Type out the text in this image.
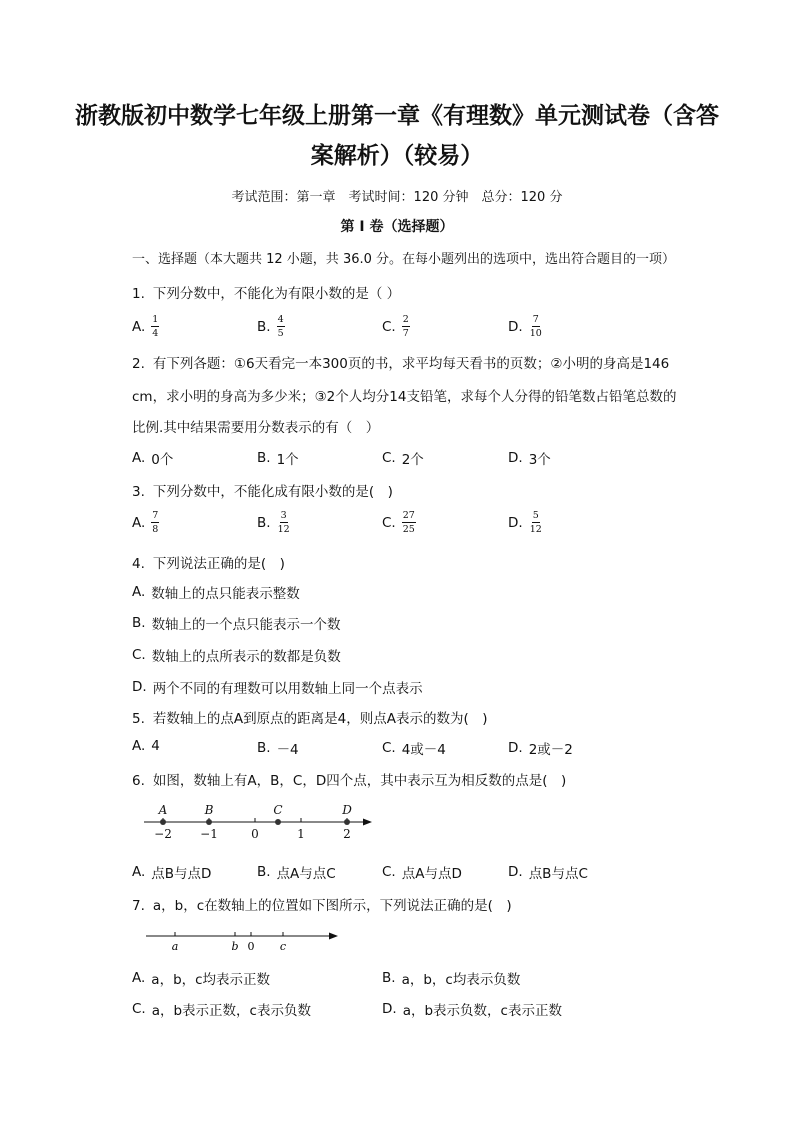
浙教版初中数学七年级上册第一章《有理数》单元测试卷（含答
案解析）（较易）
考试范围：第一章　考试时间：120 分钟　总分：120 分
第 I 卷（选择题）
一、选择题（本大题共 12 小题，共 36.0 分。在每小题列出的选项中，选出符合题目的一项）
1. 下列分数中，不能化为有限小数的是（ ）
A. $\frac{1}{4}$	B. $\frac{4}{5}$	C. $\frac{2}{7}$	D. $\frac{7}{10}$
2. 有下列各题：①6天看完一本300页的书，求平均每天看书的页数；②小明的身高是146
cm，求小明的身高为多少米；③2个人均分14支铅笔，求每个人分得的铅笔数占铅笔总数的
比例.其中结果需要用分数表示的有（　）
A. 0个	B. 1个	C. 2个	D. 3个
3. 下列分数中，不能化成有限小数的是(　)
A. $\frac{7}{8}$	B. $\frac{3}{12}$	C. $\frac{27}{25}$	D. $\frac{5}{12}$
4. 下列说法正确的是(　)
A. 数轴上的点只能表示整数
B. 数轴上的一个点只能表示一个数
C. 数轴上的点所表示的数都是负数
D. 两个不同的有理数可以用数轴上同一个点表示
5. 若数轴上的点A到原点的距离是4，则点A表示的数为(　)
A. 4	B. －4	C. 4或－4	D. 2或－2
6. 如图，数轴上有A，B，C，D四个点，其中表示互为相反数的点是(　)
−2 −1	0	1	2
A	B	C	D
A. 点B与点D	B. 点A与点C	C. 点A与点D	D. 点B与点C
7. a，b，c在数轴上的位置如下图所示，下列说法正确的是(　)
a	b 0 c
A. a，b，c均表示正数	B. a，b，c均表示负数
C. a，b表示正数，c表示负数	D. a，b表示负数，c表示正数
